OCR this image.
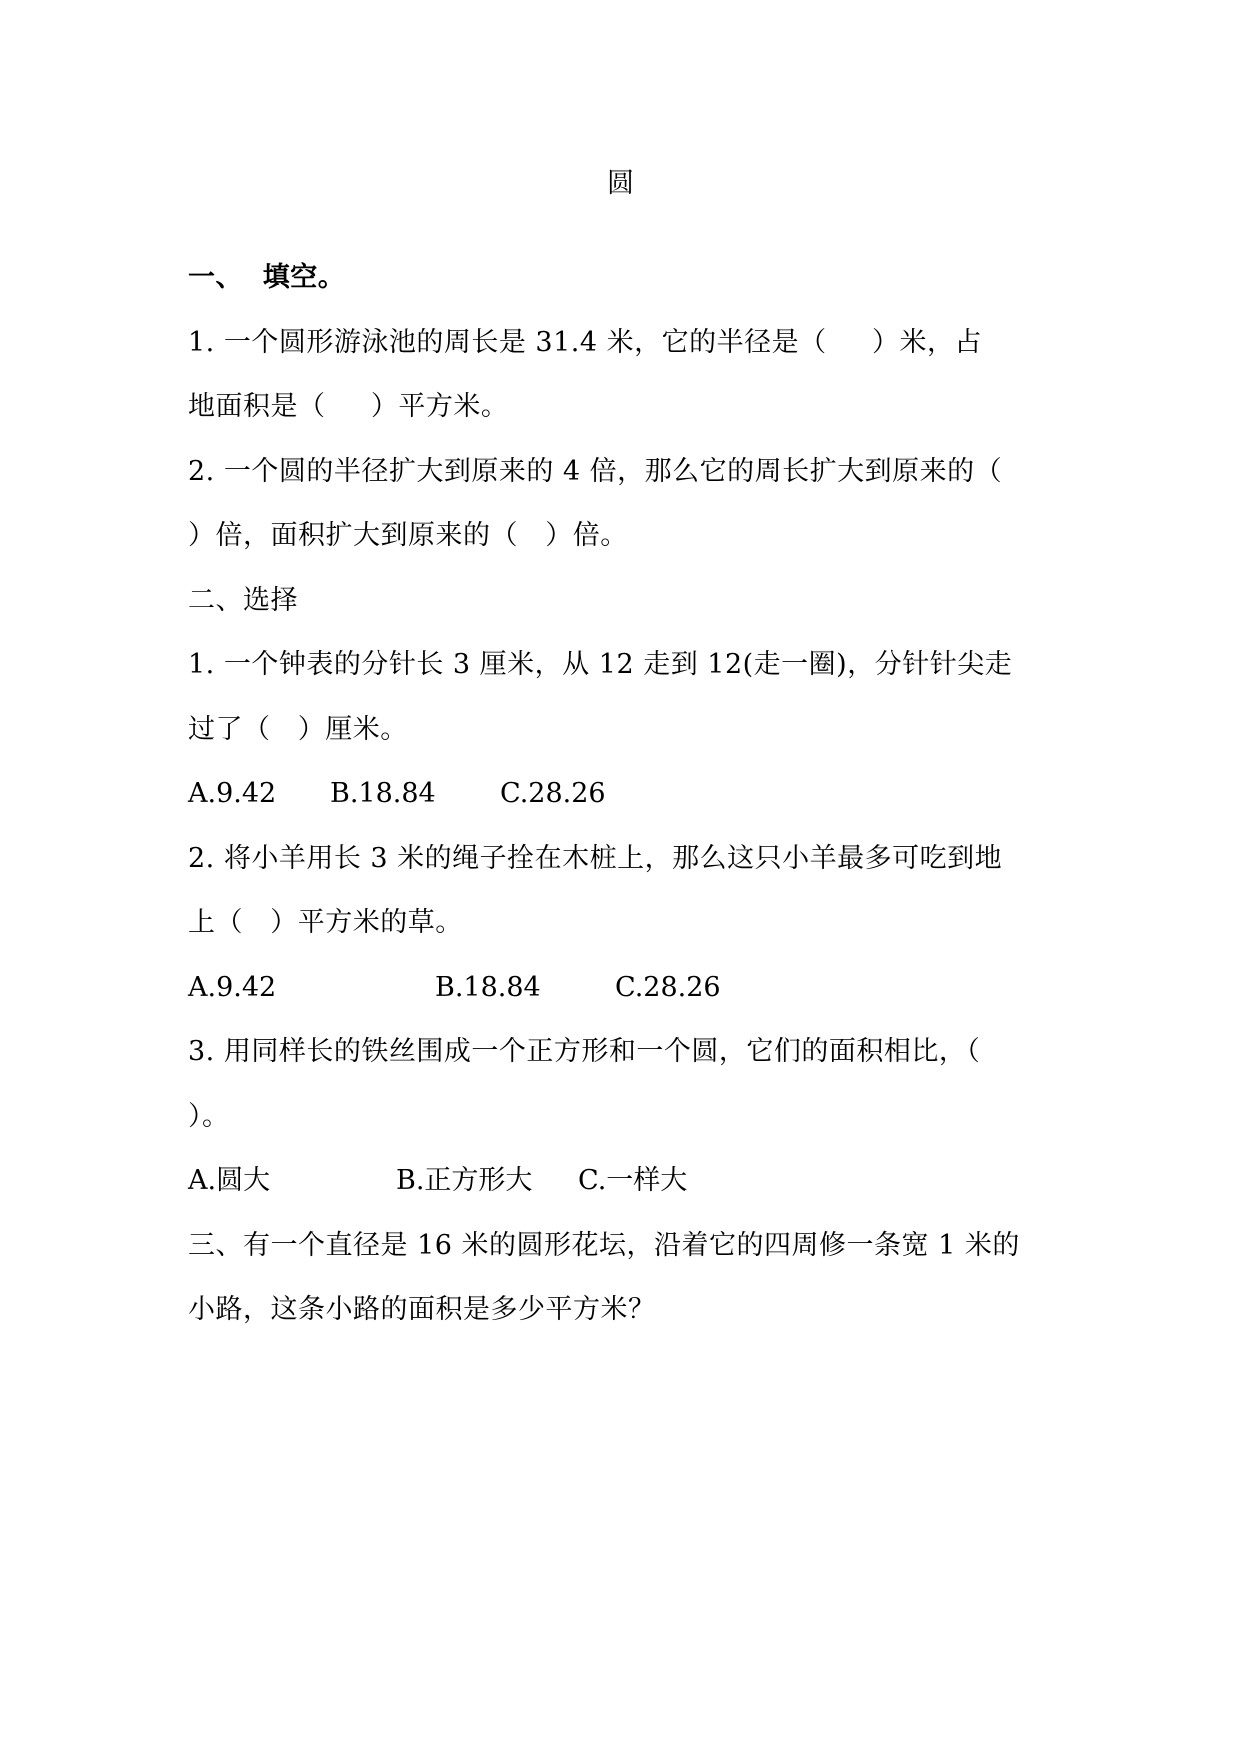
圆
一、  填空。
1. 一个圆形游泳池的周长是 31.4 米，它的半径是（     ）米，占
地面积是（     ）平方米。
2. 一个圆的半径扩大到原来的 4 倍，那么它的周长扩大到原来的（
）倍，面积扩大到原来的（   ）倍。
二、选择
1. 一个钟表的分针长 3 厘米，从 12 走到 12(走一圈)，分针针尖走
过了（   ）厘米。
A.9.42	B.18.84	C.28.26
2. 将小羊用长 3 米的绳子拴在木桩上，那么这只小羊最多可吃到地
上（   ）平方米的草。
A.9.42	B.18.84	C.28.26
3. 用同样长的铁丝围成一个正方形和一个圆，它们的面积相比，（
）。
A.圆大	B.正方形大	C.一样大
三、有一个直径是 16 米的圆形花坛，沿着它的四周修一条宽 1 米的
小路，这条小路的面积是多少平方米？
